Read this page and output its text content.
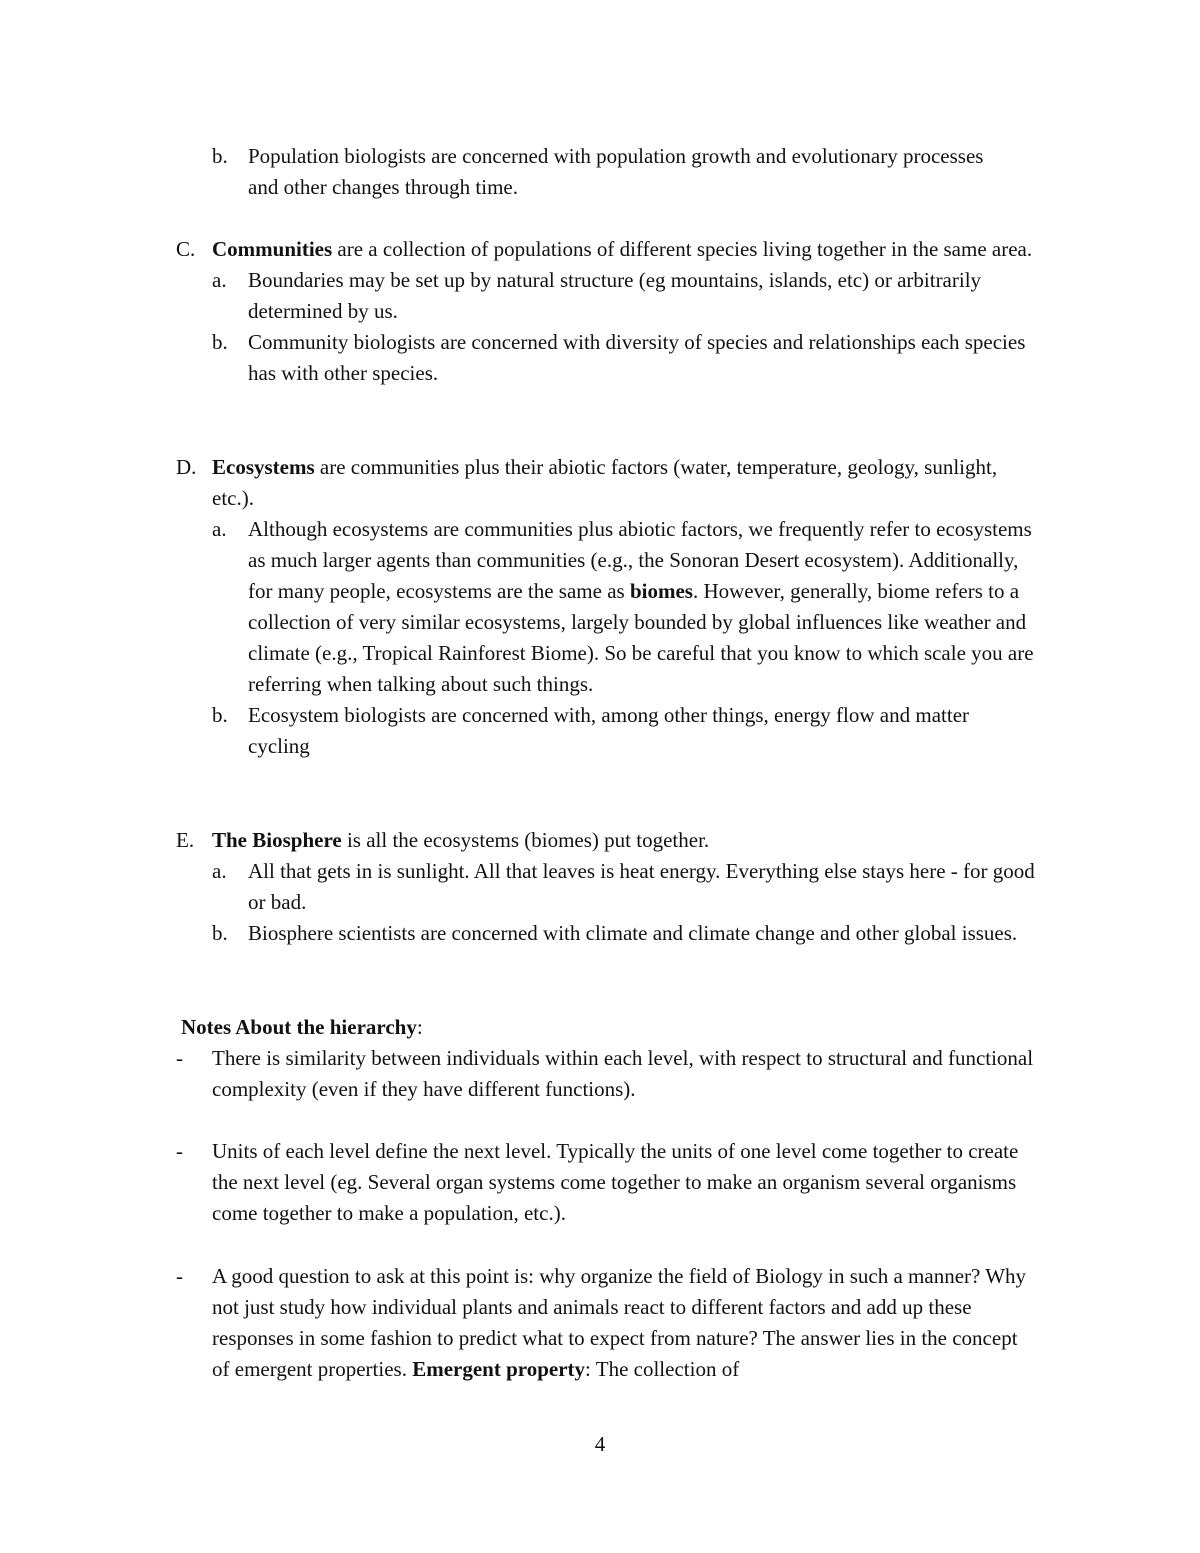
b. Population biologists are concerned with population growth and evolutionary processes and other changes through time.
C. Communities are a collection of populations of different species living together in the same area.
a.	Boundaries may be set up by natural structure (eg mountains, islands, etc) or arbitrarily determined by us.
b. Community biologists are concerned with diversity of species and relationships each species has with other species.
D. Ecosystems are communities plus their abiotic factors (water, temperature, geology, sunlight, etc.).
a.	Although ecosystems are communities plus abiotic factors, we frequently refer to ecosystems as much larger agents than communities (e.g., the Sonoran Desert ecosystem). Additionally, for many people, ecosystems are the same as biomes. However, generally, biome refers to a collection of very similar ecosystems, largely bounded by global influences like weather and climate (e.g., Tropical Rainforest Biome). So be careful that you know to which scale you are referring when talking about such things.
b. Ecosystem biologists are concerned with, among other things, energy flow and matter cycling
E. The Biosphere is all the ecosystems (biomes) put together.
a.	All that gets in is sunlight. All that leaves is heat energy. Everything else stays here - for good or bad.
b. Biosphere scientists are concerned with climate and climate change and other global issues.
Notes About the hierarchy:
-	There is similarity between individuals within each level, with respect to structural and functional complexity (even if they have different functions).
-	Units of each level define the next level. Typically the units of one level come together to create the next level (eg. Several organ systems come together to make an organism several organisms come together to make a population, etc.).
-	A good question to ask at this point is: why organize the field of Biology in such a manner? Why not just study how individual plants and animals react to different factors and add up these responses in some fashion to predict what to expect from nature? The answer lies in the concept of emergent properties. Emergent property: The collection of
4
